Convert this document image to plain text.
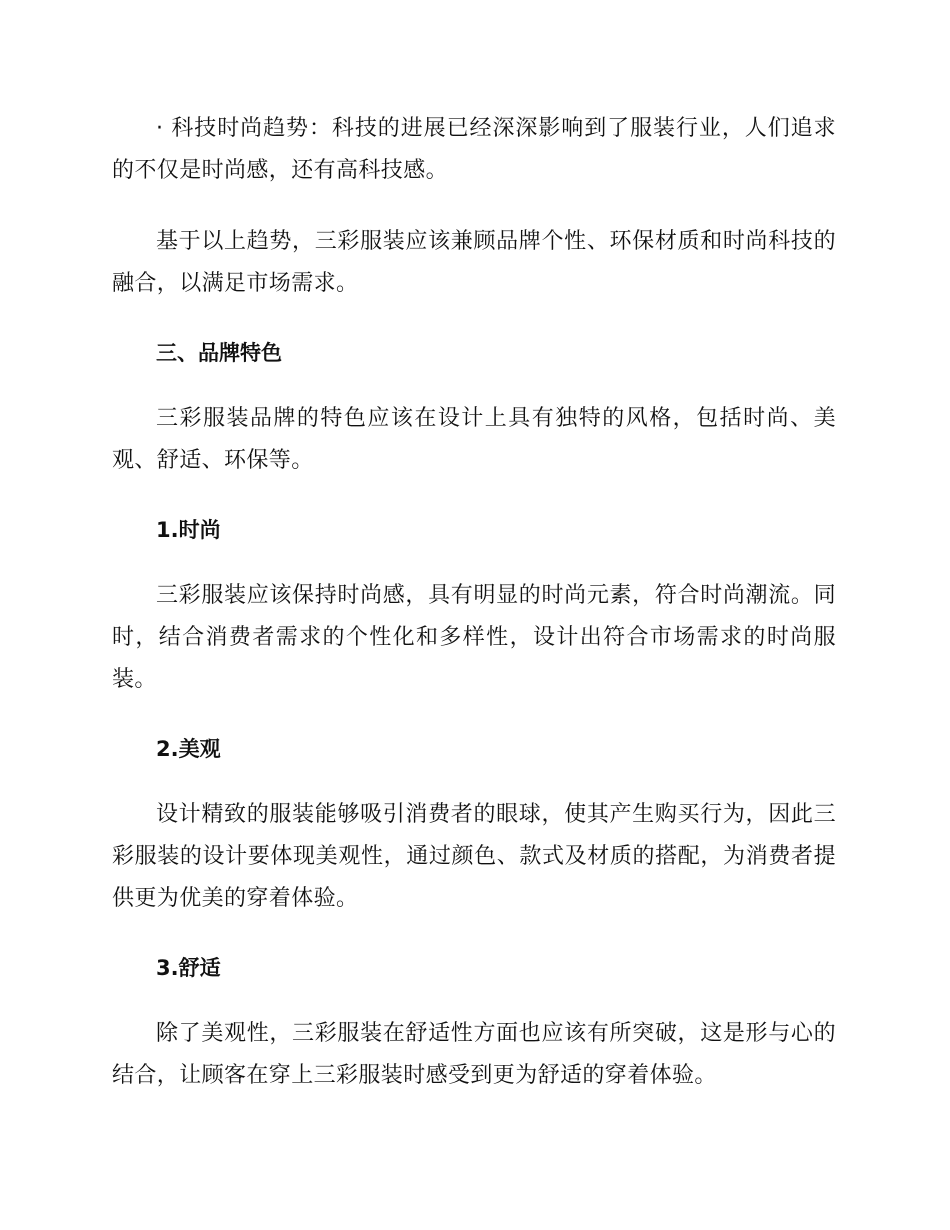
· 科技时尚趋势：科技的进展已经深深影响到了服装行业，人们追求的不仅是时尚感，还有高科技感。

基于以上趋势，三彩服装应该兼顾品牌个性、环保材质和时尚科技的融合，以满足市场需求。

三、品牌特色

三彩服装品牌的特色应该在设计上具有独特的风格，包括时尚、美观、舒适、环保等。

1.时尚

三彩服装应该保持时尚感，具有明显的时尚元素，符合时尚潮流。同时，结合消费者需求的个性化和多样性，设计出符合市场需求的时尚服装。

2.美观

设计精致的服装能够吸引消费者的眼球，使其产生购买行为，因此三彩服装的设计要体现美观性，通过颜色、款式及材质的搭配，为消费者提供更为优美的穿着体验。

3.舒适

除了美观性，三彩服装在舒适性方面也应该有所突破，这是形与心的结合，让顾客在穿上三彩服装时感受到更为舒适的穿着体验。
